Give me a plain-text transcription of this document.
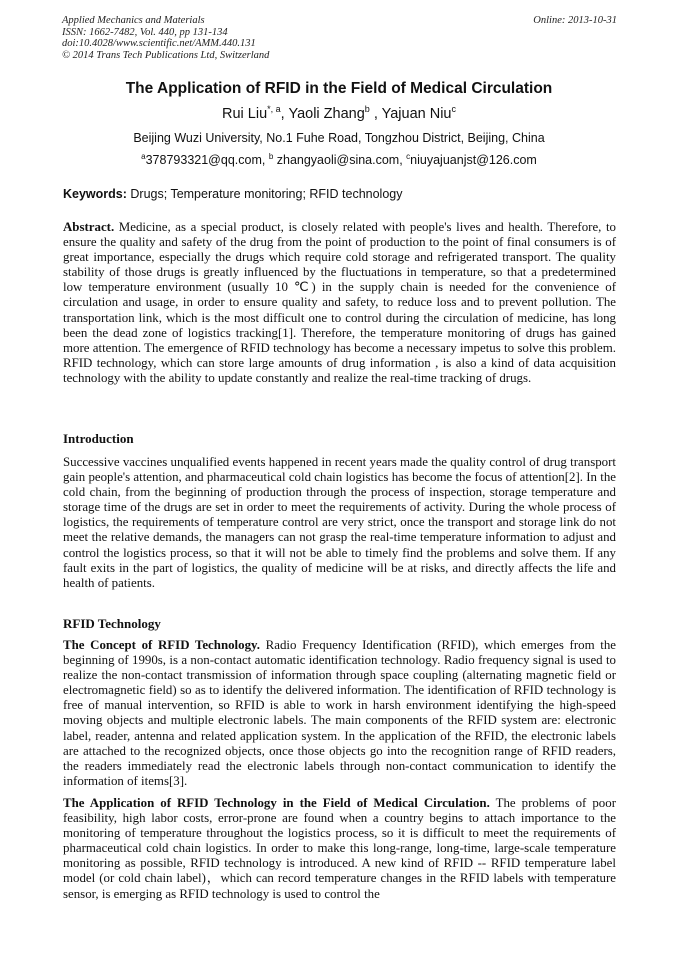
Applied Mechanics and Materials
ISSN: 1662-7482, Vol. 440, pp 131-134
doi:10.4028/www.scientific.net/AMM.440.131
© 2014 Trans Tech Publications Ltd, Switzerland
Online: 2013-10-31
The Application of RFID in the Field of Medical Circulation
Rui Liu$^{*, a}$, Yaoli Zhang$^b$ , Yajuan Niu$^c$
Beijing Wuzi University, No.1 Fuhe Road, Tongzhou District, Beijing, China
$^a$378793321@qq.com, $^b$ zhangyaoli@sina.com, $^c$niuyajuanjst@126.com
Keywords: Drugs; Temperature monitoring; RFID technology
Abstract. Medicine, as a special product, is closely related with people's lives and health. Therefore, to ensure the quality and safety of the drug from the point of production to the point of final consumers is of great importance, especially the drugs which require cold storage and refrigerated transport. The quality stability of those drugs is greatly influenced by the fluctuations in temperature, so that a predetermined low temperature environment (usually 10 ℃) in the supply chain is needed for the convenience of circulation and usage, in order to ensure quality and safety, to reduce loss and to prevent pollution. The transportation link, which is the most difficult one to control during the circulation of medicine, has long been the dead zone of logistics tracking[1]. Therefore, the temperature monitoring of drugs has gained more attention. The emergence of RFID technology has become a necessary impetus to solve this problem. RFID technology, which can store large amounts of drug information , is also a kind of data acquisition technology with the ability to update constantly and realize the real-time tracking of drugs.
Introduction
Successive vaccines unqualified events happened in recent years made the quality control of drug transport gain people's attention, and pharmaceutical cold chain logistics has become the focus of attention[2]. In the cold chain, from the beginning of production through the process of inspection, storage temperature and storage time of the drugs are set in order to meet the requirements of activity. During the whole process of logistics, the requirements of temperature control are very strict, once the transport and storage link do not meet the relative demands, the managers can not grasp the real-time temperature information to adjust and control the logistics process, so that it will not be able to timely find the problems and solve them. If any fault exits in the part of logistics, the quality of medicine will be at risks, and directly affects the life and health of patients.
RFID Technology
The Concept of RFID Technology. Radio Frequency Identification (RFID), which emerges from the beginning of 1990s, is a non-contact automatic identification technology. Radio frequency signal is used to realize the non-contact transmission of information through space coupling (alternating magnetic field or electromagnetic field) so as to identify the delivered information. The identification of RFID technology is free of manual intervention, so RFID is able to work in harsh environment identifying the high-speed moving objects and multiple electronic labels. The main components of the RFID system are: electronic label, reader, antenna and related application system. In the application of the RFID, the electronic labels are attached to the recognized objects, once those objects go into the recognition range of RFID readers, the readers immediately read the electronic labels through non-contact communication to identify the information of items[3].
The Application of RFID Technology in the Field of Medical Circulation. The problems of poor feasibility, high labor costs, error-prone are found when a country begins to attach importance to the monitoring of temperature throughout the logistics process, so it is difficult to meet the requirements of pharmaceutical cold chain logistics. In order to make this long-range, long-time, large-scale temperature monitoring as possible, RFID technology is introduced. A new kind of RFID -- RFID temperature label model (or cold chain label)，which can record temperature changes in the RFID labels with temperature sensor, is emerging as RFID technology is used to control the
